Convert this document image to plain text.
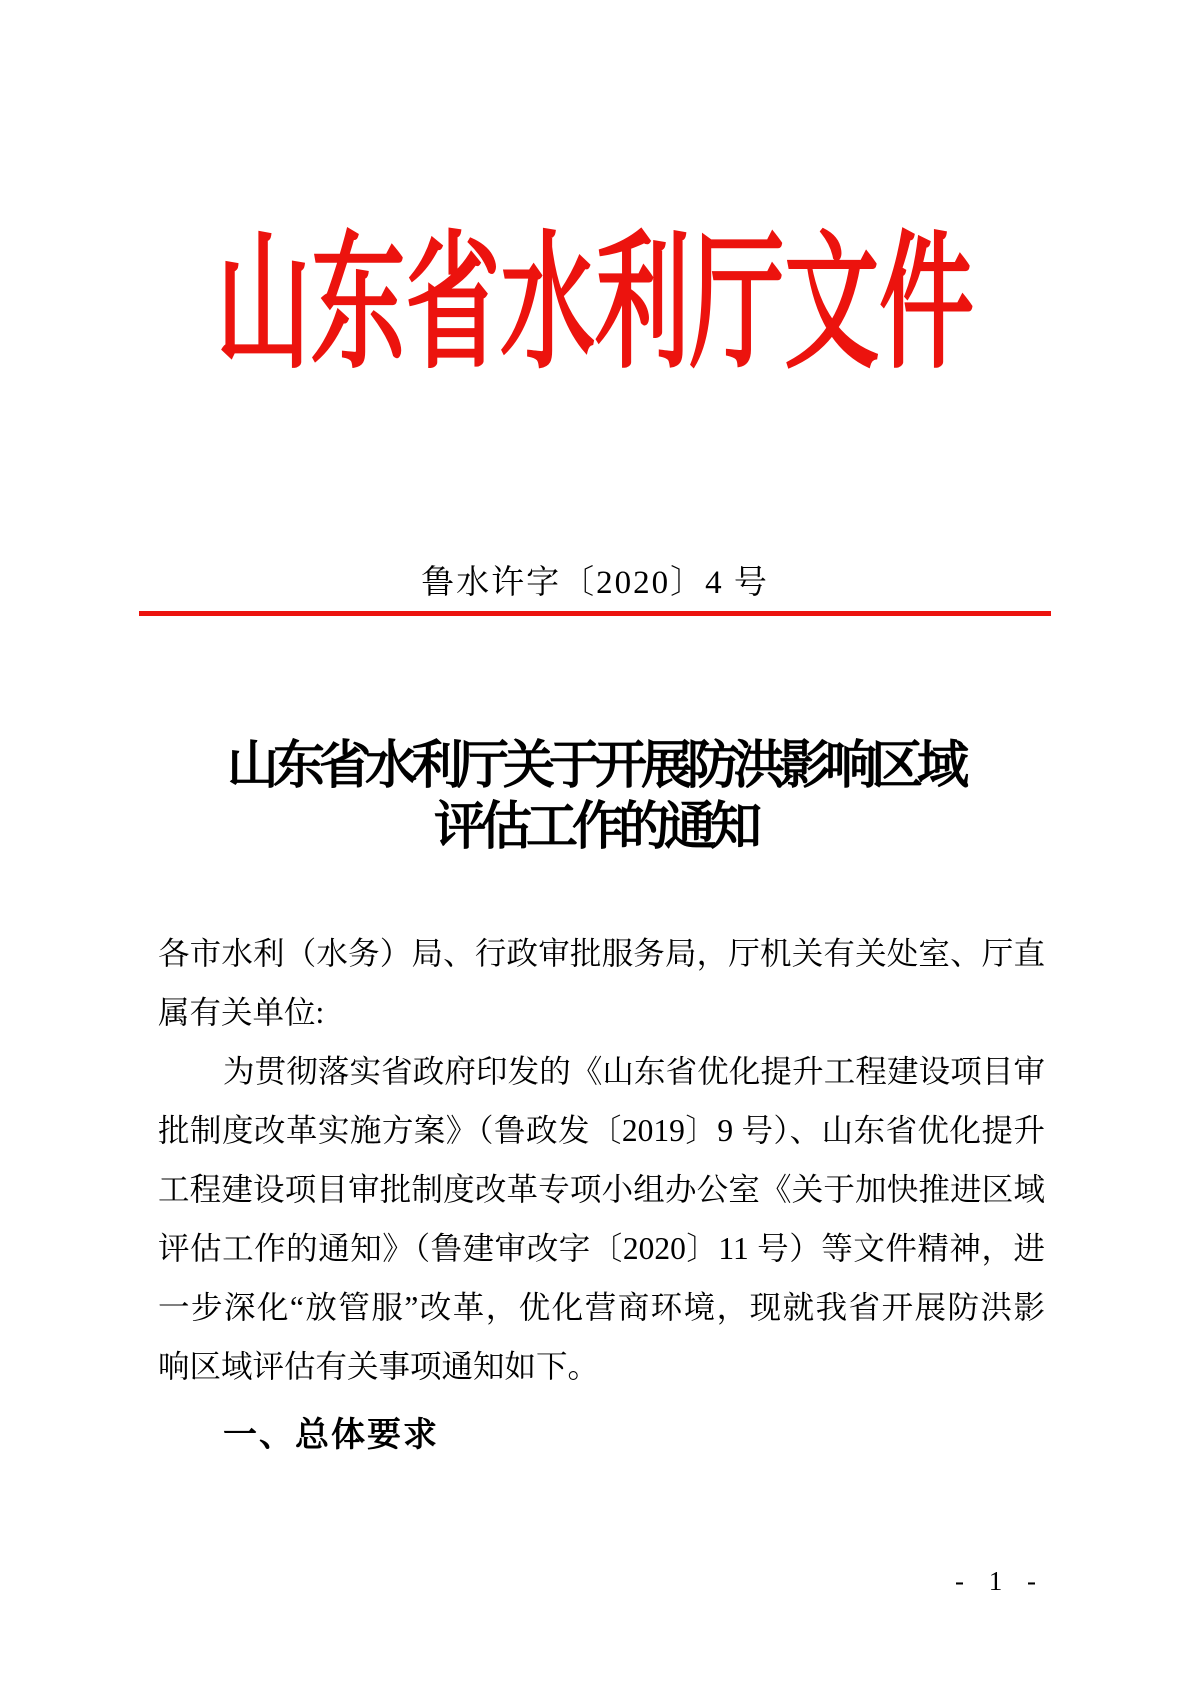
山东省水利厅文件
鲁水许字〔2020〕4 号
山东省水利厅关于开展防洪影响区域
评估工作的通知
各市水利（水务）局、行政审批服务局，厅机关有关处室、厅直
属有关单位:
为贯彻落实省政府印发的《山东省优化提升工程建设项目审
批制度改革实施方案》（鲁政发〔2019〕9 号）、山东省优化提升
工程建设项目审批制度改革专项小组办公室《关于加快推进区域
评估工作的通知》（鲁建审改字〔2020〕11 号）等文件精神，进
一步深化“放管服”改革，优化营商环境，现就我省开展防洪影
响区域评估有关事项通知如下。
一、总体要求
- 1 -
